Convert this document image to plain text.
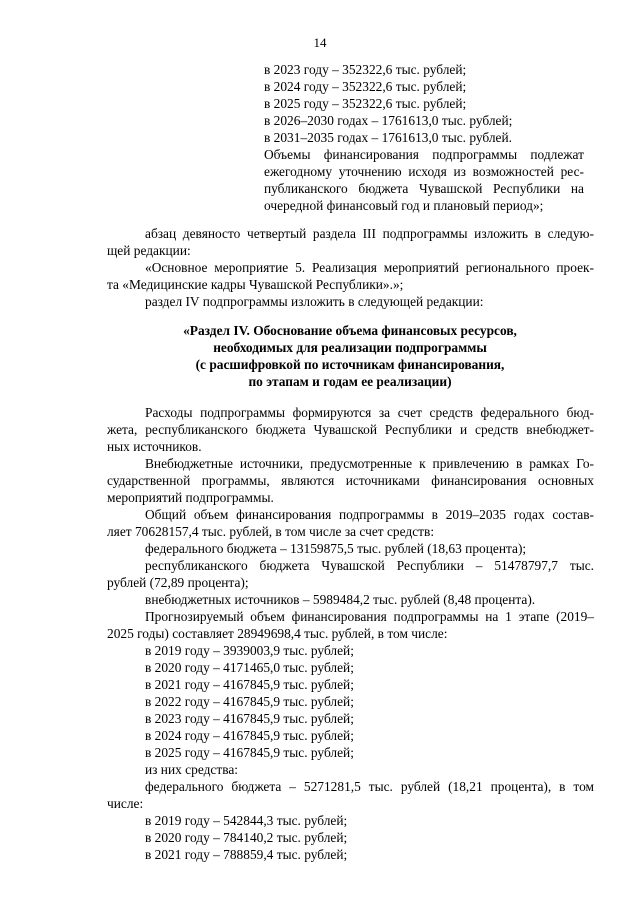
14
в 2023 году – 352322,6 тыс. рублей;
в 2024 году – 352322,6 тыс. рублей;
в 2025 году – 352322,6 тыс. рублей;
в 2026–2030 годах – 1761613,0 тыс. рублей;
в 2031–2035 годах – 1761613,0 тыс. рублей.
Объемы финансирования подпрограммы подлежат
ежегодному уточнению исходя из возможностей рес-
публиканского бюджета Чувашской Республики на
очередной финансовый год и плановый период»;
абзац девяносто четвертый раздела III подпрограммы изложить в следую-
щей редакции:
«Основное мероприятие 5. Реализация мероприятий регионального проек-
та «Медицинские кадры Чувашской Республики».»;
раздел IV подпрограммы изложить в следующей редакции:
«Раздел IV. Обоснование объема финансовых ресурсов,
необходимых для реализации подпрограммы
(с расшифровкой по источникам финансирования,
по этапам и годам ее реализации)
Расходы подпрограммы формируются за счет средств федерального бюд-
жета, республиканского бюджета Чувашской Республики и средств внебюджет-
ных источников.
Внебюджетные источники, предусмотренные к привлечению в рамках Го-
сударственной программы, являются источниками финансирования основных
мероприятий подпрограммы.
Общий объем финансирования подпрограммы в 2019–2035 годах состав-
ляет 70628157,4 тыс. рублей, в том числе за счет средств:
федерального бюджета – 13159875,5 тыс. рублей (18,63 процента);
республиканского бюджета Чувашской Республики – 51478797,7 тыс.
рублей (72,89 процента);
внебюджетных источников – 5989484,2 тыс. рублей (8,48 процента).
Прогнозируемый объем финансирования подпрограммы на 1 этапе (2019–
2025 годы) составляет 28949698,4 тыс. рублей, в том числе:
в 2019 году – 3939003,9 тыс. рублей;
в 2020 году – 4171465,0 тыс. рублей;
в 2021 году – 4167845,9 тыс. рублей;
в 2022 году – 4167845,9 тыс. рублей;
в 2023 году – 4167845,9 тыс. рублей;
в 2024 году – 4167845,9 тыс. рублей;
в 2025 году – 4167845,9 тыс. рублей;
из них средства:
федерального бюджета – 5271281,5 тыс. рублей (18,21 процента), в том
числе:
в 2019 году – 542844,3 тыс. рублей;
в 2020 году – 784140,2 тыс. рублей;
в 2021 году – 788859,4 тыс. рублей;
